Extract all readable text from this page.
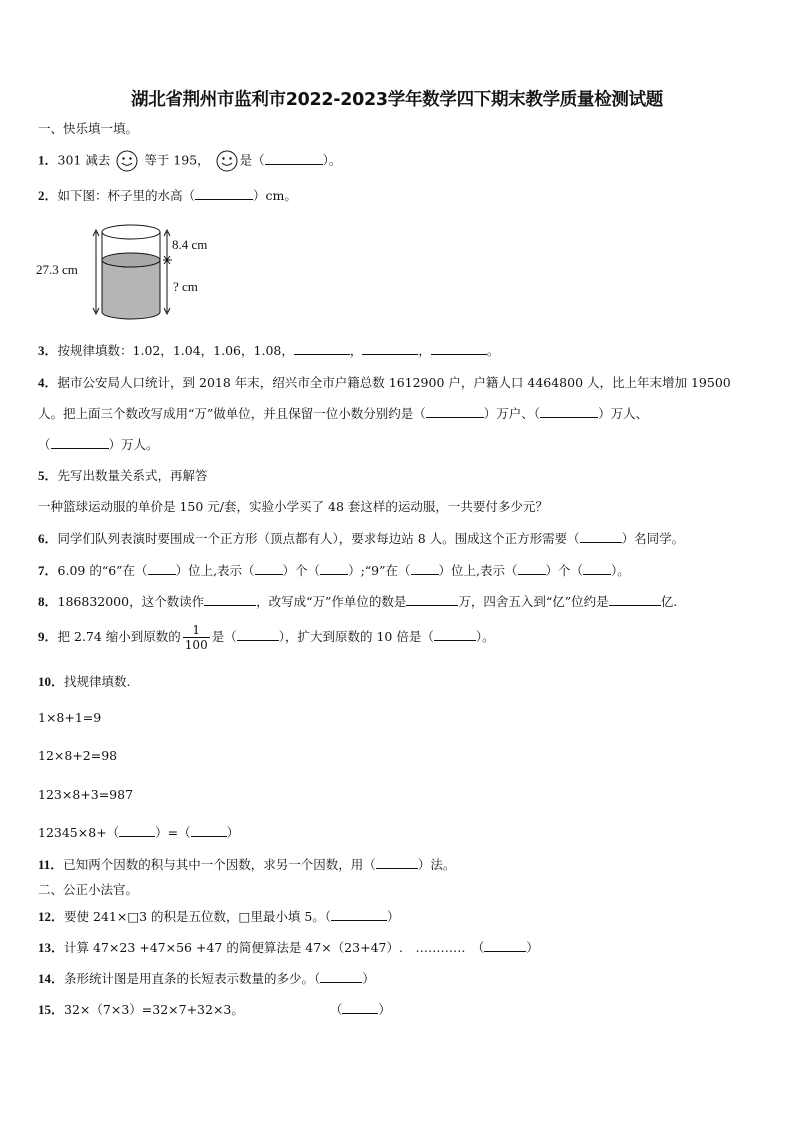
湖北省荆州市监利市2022-2023学年数学四下期末教学质量检测试题
一、快乐填一填。
1．301 减去	等于 195， 是（	）。
2．如下图：杯子里的水高（	）cm。
27.3 cm
8.4 cm
? cm
3．按规律填数：1.02，1.04，1.06，1.08，	，	，	。
4．据市公安局人口统计，到 2018 年末，绍兴市全市户籍总数 1612900 户，户籍人口 4464800 人，比上年末增加 19500
人。把上面三个数改写成用“万”做单位，并且保留一位小数分别约是（	）万户、（	）万人、
（	）万人。
5．先写出数量关系式，再解答
一种篮球运动服的单价是 150 元/套，实验小学买了 48 套这样的运动服，一共要付多少元？
6．同学们队列表演时要围成一个正方形（顶点都有人），要求每边站 8 人。围成这个正方形需要（	）名同学。
7．6.09 的“6”在（ ）位上,表示（ ）个（ ）;“9”在（ ）位上,表示（ ）个（ ）。
8．186832000，这个数读作	，改写成“万”作单位的数是	万，四舍五入到“亿”位约是	亿.
9．把 2.74 缩小到原数的 $\frac{1}{100}$ 是（	），扩大到原数的 10 倍是（	）。
10．找规律填数.
1×8+1=9
12×8+2=98
123×8+3=987
12345×8+（	）=（	）
11．已知两个因数的积与其中一个因数，求另一个因数，用（	）法。
二、公正小法官。
12．要使 241×□3 的积是五位数，□里最小填 5。（	）
13．计算 47×23 +47×56 +47 的简便算法是 47×（23+47）.　…………　（	）
14．条形统计图是用直条的长短表示数量的多少。（	）
15．32×（7×3）=32×7+32×3。	（	）
